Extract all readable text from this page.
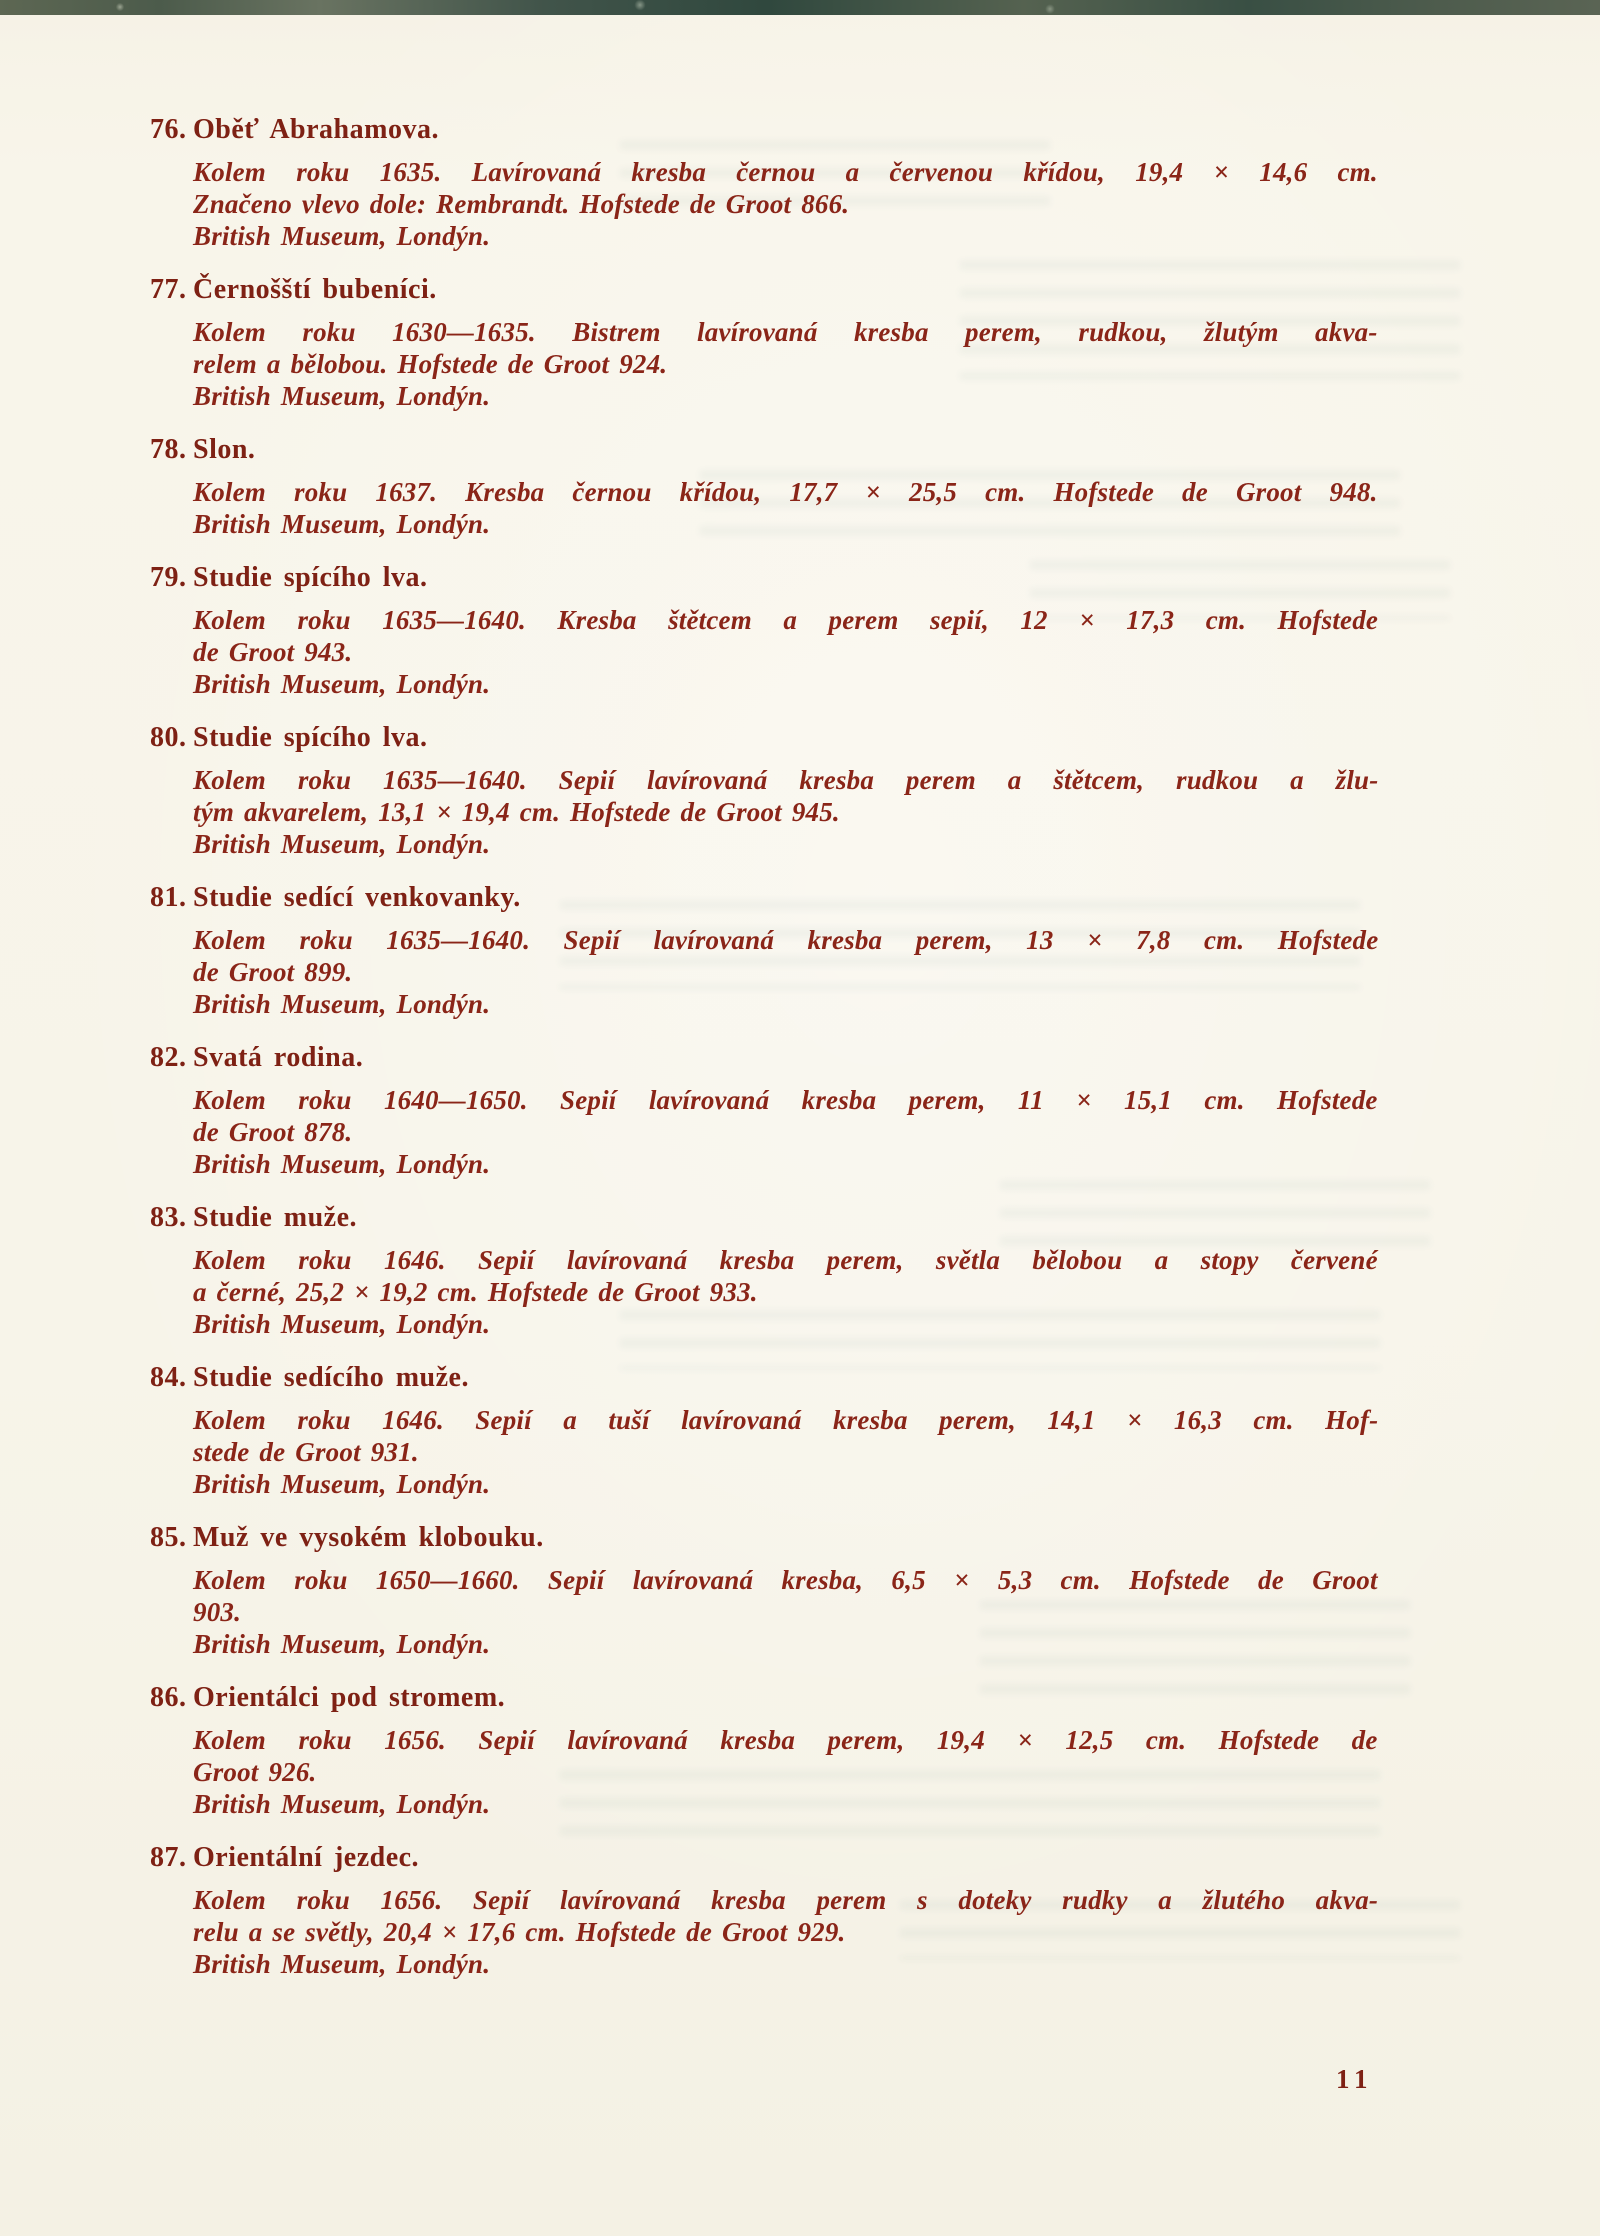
76. Oběť Abrahamova.
Kolem roku 1635. Lavírovaná kresba černou a červenou křídou, 19,4 × 14,6 cm.
Značeno vlevo dole: Rembrandt. Hofstede de Groot 866.
British Museum, Londýn.
77. Černošští bubeníci.
Kolem roku 1630—1635. Bistrem lavírovaná kresba perem, rudkou, žlutým akva-
relem a bělobou. Hofstede de Groot 924.
British Museum, Londýn.
78. Slon.
Kolem roku 1637. Kresba černou křídou, 17,7 × 25,5 cm. Hofstede de Groot 948.
British Museum, Londýn.
79. Studie spícího lva.
Kolem roku 1635—1640. Kresba štětcem a perem sepií, 12 × 17,3 cm. Hofstede
de Groot 943.
British Museum, Londýn.
80. Studie spícího lva.
Kolem roku 1635—1640. Sepií lavírovaná kresba perem a štětcem, rudkou a žlu-
tým akvarelem, 13,1 × 19,4 cm. Hofstede de Groot 945.
British Museum, Londýn.
81. Studie sedící venkovanky.
Kolem roku 1635—1640. Sepií lavírovaná kresba perem, 13 × 7,8 cm. Hofstede
de Groot 899.
British Museum, Londýn.
82. Svatá rodina.
Kolem roku 1640—1650. Sepií lavírovaná kresba perem, 11 × 15,1 cm. Hofstede
de Groot 878.
British Museum, Londýn.
83. Studie muže.
Kolem roku 1646. Sepií lavírovaná kresba perem, světla bělobou a stopy červené
a černé, 25,2 × 19,2 cm. Hofstede de Groot 933.
British Museum, Londýn.
84. Studie sedícího muže.
Kolem roku 1646. Sepií a tuší lavírovaná kresba perem, 14,1 × 16,3 cm. Hof-
stede de Groot 931.
British Museum, Londýn.
85. Muž ve vysokém klobouku.
Kolem roku 1650—1660. Sepií lavírovaná kresba, 6,5 × 5,3 cm. Hofstede de Groot
903.
British Museum, Londýn.
86. Orientálci pod stromem.
Kolem roku 1656. Sepií lavírovaná kresba perem, 19,4 × 12,5 cm. Hofstede de
Groot 926.
British Museum, Londýn.
87. Orientální jezdec.
Kolem roku 1656. Sepií lavírovaná kresba perem s doteky rudky a žlutého akva-
relu a se světly, 20,4 × 17,6 cm. Hofstede de Groot 929.
British Museum, Londýn.
11
